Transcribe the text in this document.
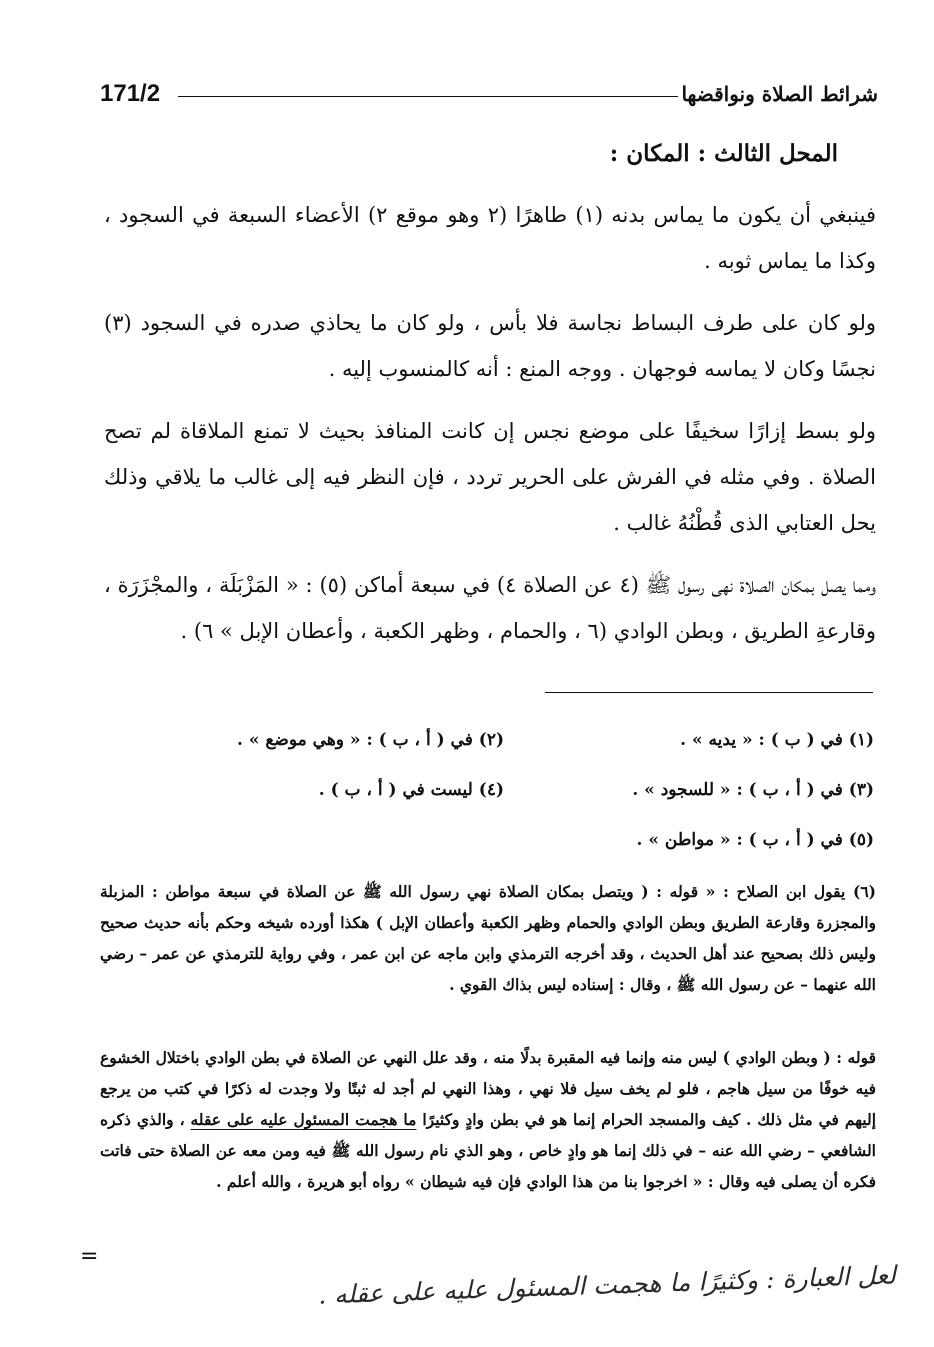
شرائط الصلاة ونواقضها
171/2
المحل الثالث : المكان :
فينبغي أن يكون ما يماس بدنه (١) طاهرًا (٢ وهو موقع ٢) الأعضاء السبعة في السجود ، وكذا ما يماس ثوبه .
ولو كان على طرف البساط نجاسة فلا بأس ، ولو كان ما يحاذي صدره في السجود (٣) نجسًا وكان لا يماسه فوجهان . ووجه المنع : أنه كالمنسوب إليه .
ولو بسط إزارًا سخيفًا على موضع نجس إن كانت المنافذ بحيث لا تمنع الملاقاة لم تصح الصلاة . وفي مثله في الفرش على الحرير تردد ، فإن النظر فيه إلى غالب ما يلاقي وذلك يحل العتابي الذى قُطْنُهُ غالب .
ومما يصل بمكان الصلاة نهى رسول ﷺ (٤ عن الصلاة ٤) في سبعة أماكن (٥) : « المَزْبَلَة ، والمجْزَرَة ، وقارعةِ الطريق ، وبطن الوادي (٦ ، والحمام ، وظهر الكعبة ، وأعطان الإبل » ٦) .
(١) في ( ب ) : « يديه » .
(٢) في ( أ ، ب ) : « وهي موضع » .
(٣) في ( أ ، ب ) : « للسجود » .
(٤) ليست في ( أ ، ب ) .
(٥) في ( أ ، ب ) : « مواطن » .
(٦) يقول ابن الصلاح : « قوله : ( ويتصل بمكان الصلاة نهي رسول الله ﷺ عن الصلاة في سبعة مواطن : المزبلة والمجزرة وقارعة الطريق وبطن الوادي والحمام وظهر الكعبة وأعطان الإبل ) هكذا أورده شيخه وحكم بأنه حديث صحيح وليس ذلك بصحيح عند أهل الحديث ، وقد أخرجه الترمذي وابن ماجه عن ابن عمر ، وفي رواية للترمذي عن عمر – رضي الله عنهما – عن رسول الله ﷺ ، وقال : إسناده ليس بذاك القوي .
قوله : ( وبطن الوادي ) ليس منه وإنما فيه المقبرة بدلًا منه ، وقد علل النهي عن الصلاة في بطن الوادي باختلال الخشوع فيه خوفًا من سيل هاجم ، فلو لم يخف سيل فلا نهي ، وهذا النهي لم أجد له ثبتًا ولا وجدت له ذكرًا في كتب من يرجع إليهم في مثل ذلك . كيف والمسجد الحرام إنما هو في بطن وادٍ وكثيرًا ما هجمت المسئول عليه على عقله ، والذي ذكره الشافعي – رضي الله عنه – في ذلك إنما هو وادٍ خاص ، وهو الذي نام رسول الله ﷺ فيه ومن معه عن الصلاة حتى فاتت فكره أن يصلى فيه وقال : « اخرجوا بنا من هذا الوادي فإن فيه شيطان » رواه أبو هريرة ، والله أعلم .
=
لعل العبارة : وكثيرًا ما هجمت المسئول عليه على عقله .
